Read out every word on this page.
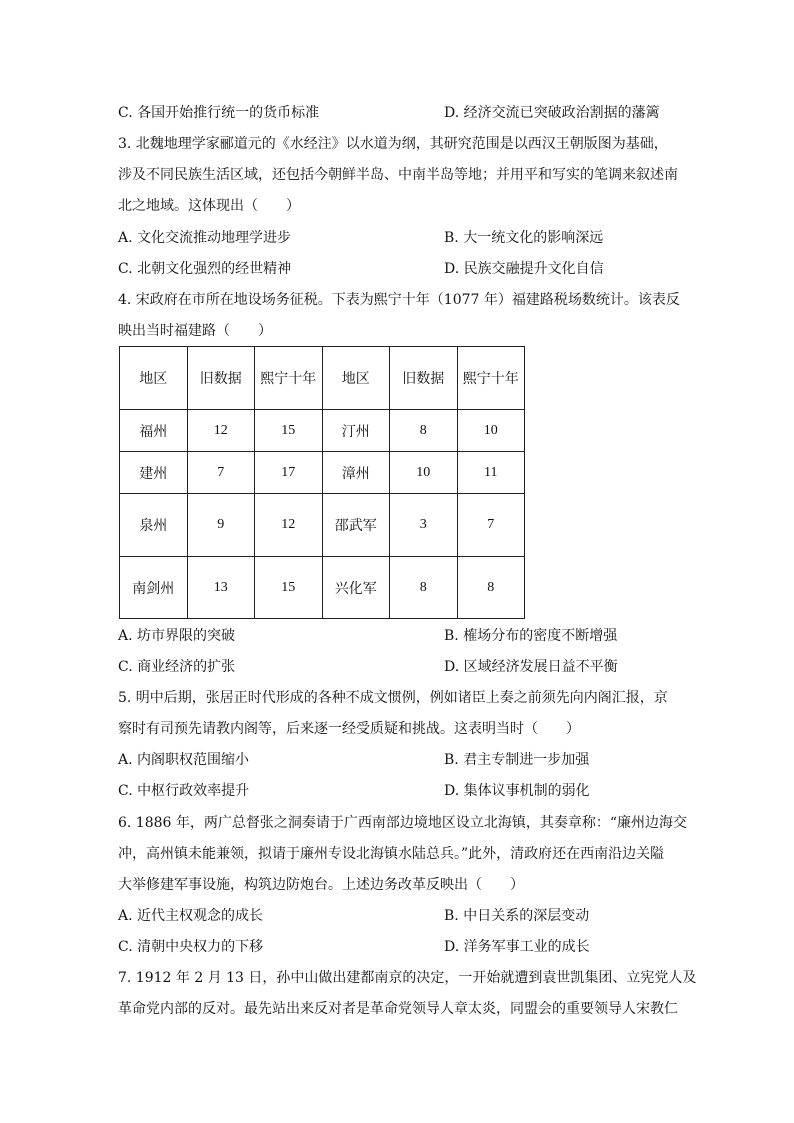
C. 各国开始推行统一的货币标准	D. 经济交流已突破政治割据的藩篱
3. 北魏地理学家郦道元的《水经注》以水道为纲，其研究范围是以西汉王朝版图为基础，
涉及不同民族生活区域，还包括今朝鲜半岛、中南半岛等地；并用平和写实的笔调来叙述南
北之地域。这体现出（　　）
A. 文化交流推动地理学进步	B. 大一统文化的影响深远
C. 北朝文化强烈的经世精神	D. 民族交融提升文化自信
4. 宋政府在市所在地设场务征税。下表为熙宁十年（1077 年）福建路税场数统计。该表反
映出当时福建路（　　）
地区	旧数据	熙宁十年	地区	旧数据	熙宁十年
福州	12	15	汀州	8	10
建州	7	17	漳州	10	11
泉州	9	12	邵武军	3	7
南剑州	13	15	兴化军	8	8
A. 坊市界限的突破	B. 榷场分布的密度不断增强
C. 商业经济的扩张	D. 区域经济发展日益不平衡
5. 明中后期，张居正时代形成的各种不成文惯例，例如诸臣上奏之前须先向内阁汇报，京
察时有司预先请教内阁等，后来逐一经受质疑和挑战。这表明当时（　　）
A. 内阁职权范围缩小	B. 君主专制进一步加强
C. 中枢行政效率提升	D. 集体议事机制的弱化
6. 1886 年，两广总督张之洞奏请于广西南部边境地区设立北海镇，其奏章称：“廉州边海交
冲，高州镇未能兼领，拟请于廉州专设北海镇水陆总兵。”此外，清政府还在西南沿边关隘
大举修建军事设施，构筑边防炮台。上述边务改革反映出（　　）
A. 近代主权观念的成长	B. 中日关系的深层变动
C. 清朝中央权力的下移	D. 洋务军事工业的成长
7. 1912 年 2 月 13 日，孙中山做出建都南京的决定，一开始就遭到袁世凯集团、立宪党人及
革命党内部的反对。最先站出来反对者是革命党领导人章太炎，同盟会的重要领导人宋教仁
